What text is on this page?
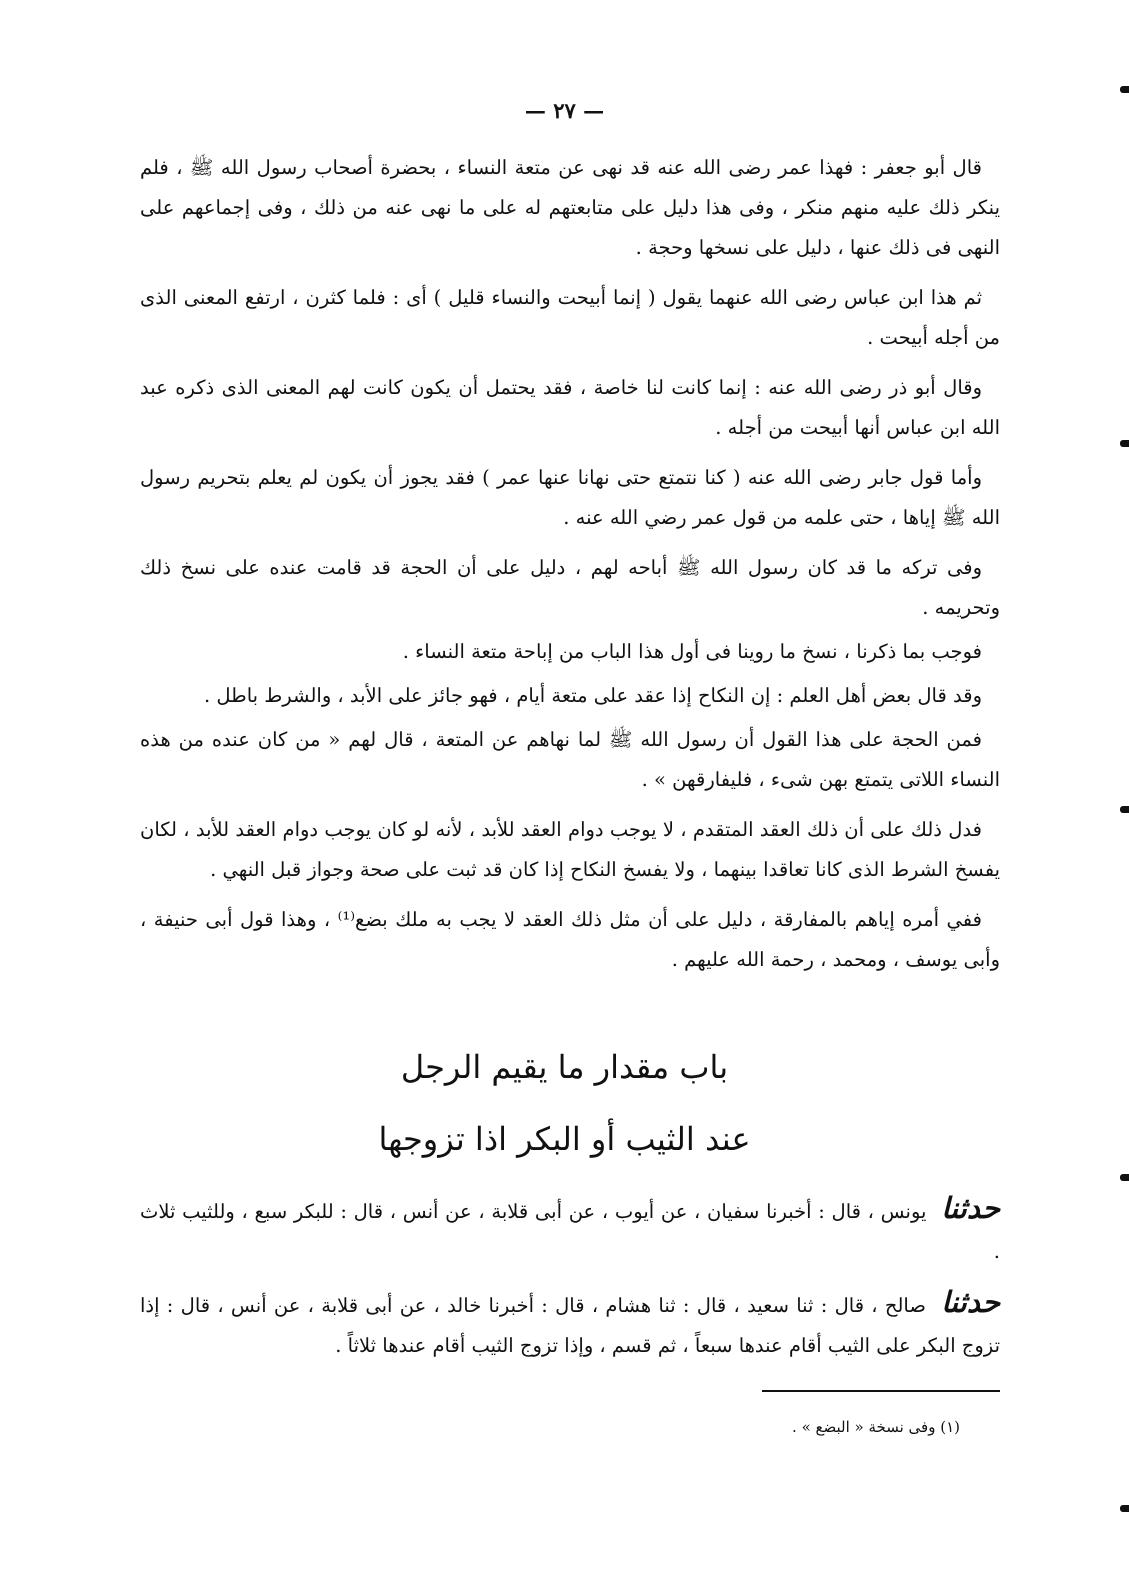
— ٢٧ —

قال أبو جعفر : فهذا عمر رضى الله عنه قد نهى عن متعة النساء ، بحضرة أصحاب رسول الله ﷺ ، فلم ينكر ذلك عليه منهم منكر ، وفى هذا دليل على متابعتهم له على ما نهى عنه من ذلك ، وفى إجماعهم على النهى فى ذلك عنها ، دليل على نسخها وحجة .

ثم هذا ابن عباس رضى الله عنهما يقول ( إنما أبيحت والنساء قليل ) أى : فلما كثرن ، ارتفع المعنى الذى من أجله أبيحت .

وقال أبو ذر رضى الله عنه : إنما كانت لنا خاصة ، فقد يحتمل أن يكون كانت لهم المعنى الذى ذكره عبد الله ابن عباس أنها أبيحت من أجله .

وأما قول جابر رضى الله عنه ( كنا نتمتع حتى نهانا عنها عمر ) فقد يجوز أن يكون لم يعلم بتحريم رسول الله ﷺ إياها ، حتى علمه من قول عمر رضي الله عنه .

وفى تركه ما قد كان رسول الله ﷺ أباحه لهم ، دليل على أن الحجة قد قامت عنده على نسخ ذلك وتحريمه .

فوجب بما ذكرنا ، نسخ ما روينا فى أول هذا الباب من إباحة متعة النساء .

وقد قال بعض أهل العلم : إن النكاح إذا عقد على متعة أيام ، فهو جائز على الأبد ، والشرط باطل .

فمن الحجة على هذا القول أن رسول الله ﷺ لما نهاهم عن المتعة ، قال لهم « من كان عنده من هذه النساء اللاتى يتمتع بهن شىء ، فليفارقهن » .

فدل ذلك على أن ذلك العقد المتقدم ، لا يوجب دوام العقد للأبد ، لأنه لو كان يوجب دوام العقد للأبد ، لكان يفسخ الشرط الذى كانا تعاقدا بينهما ، ولا يفسخ النكاح إذا كان قد ثبت على صحة وجواز قبل النهي .

ففي أمره إياهم بالمفارقة ، دليل على أن مثل ذلك العقد لا يجب به ملك بضع⁽¹⁾ ، وهذا قول أبى حنيفة ، وأبى يوسف ، ومحمد ، رحمة الله عليهم .

باب مقدار ما يقيم الرجل
عند الثيب أو البكر اذا تزوجها

حدثنا يونس ، قال : أخبرنا سفيان ، عن أيوب ، عن أبى قلابة ، عن أنس ، قال : للبكر سبع ، وللثيب ثلاث .

حدثنا صالح ، قال : ثنا سعيد ، قال : ثنا هشام ، قال : أخبرنا خالد ، عن أبى قلابة ، عن أنس ، قال : إذا تزوج البكر على الثيب أقام عندها سبعاً ، ثم قسم ، وإذا تزوج الثيب أقام عندها ثلاثاً .

(١) وفى نسخة « البضع » .
